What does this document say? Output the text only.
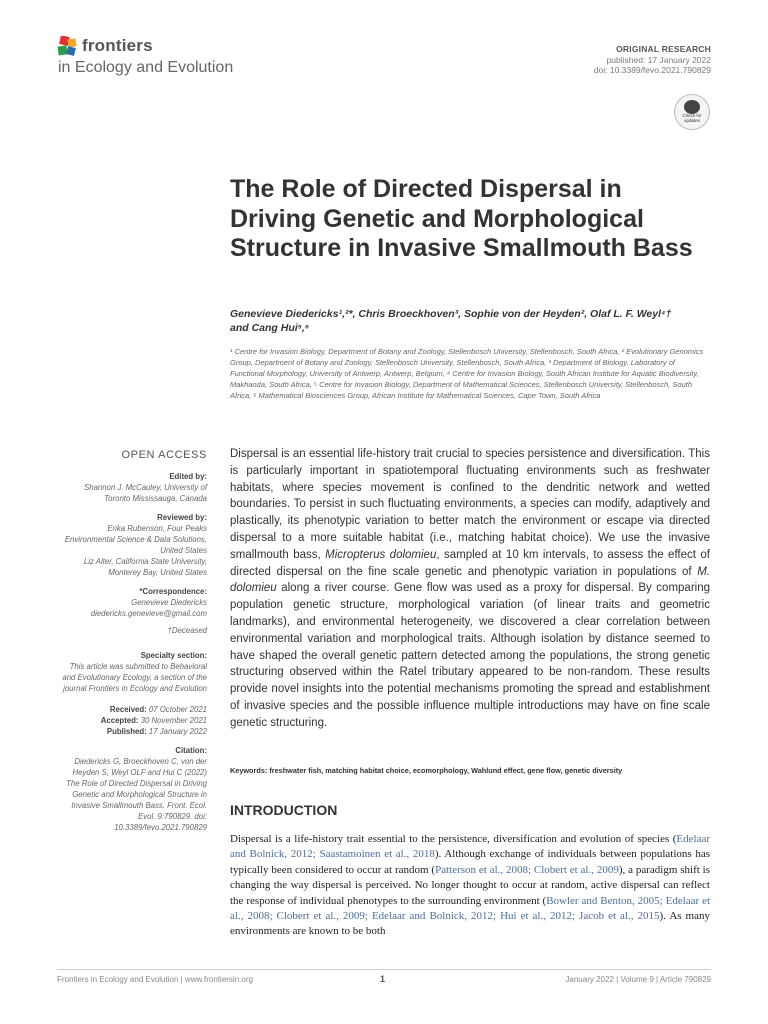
frontiers
in Ecology and Evolution
ORIGINAL RESEARCH
published: 17 January 2022
doi: 10.3389/fevo.2021.790829
Check for updates
The Role of Directed Dispersal in Driving Genetic and Morphological Structure in Invasive Smallmouth Bass
Genevieve Diedericks¹,²*, Chris Broeckhoven³, Sophie von der Heyden², Olaf L. F. Weyl⁴†
and Cang Hui⁵,⁶
¹ Centre for Invasion Biology, Department of Botany and Zoology, Stellenbosch University, Stellenbosch, South Africa, ² Evolutionary Genomics Group, Department of Botany and Zoology, Stellenbosch University, Stellenbosch, South Africa, ³ Department of Biology, Laboratory of Functional Morphology, University of Antwerp, Antwerp, Belgium, ⁴ Centre for Invasion Biology, South African Institute for Aquatic Biodiversity, Makhanda, South Africa, ⁵ Centre for Invasion Biology, Department of Mathematical Sciences, Stellenbosch University, Stellenbosch, South Africa, ⁶ Mathematical Biosciences Group, African Institute for Mathematical Sciences, Cape Town, South Africa
OPEN ACCESS
Edited by:
Shannon J. McCauley, University of Toronto Mississauga, Canada
Reviewed by:
Erika Rubenson, Four Peaks Environmental Science & Data Solutions, United States
Liz Alter, California State University, Monterey Bay, United States
*Correspondence:
Genevieve Diedericks
diedericks.genevieve@gmail.com
†Deceased
Specialty section:
This article was submitted to Behavioral and Evolutionary Ecology, a section of the journal Frontiers in Ecology and Evolution
Received: 07 October 2021
Accepted: 30 November 2021
Published: 17 January 2022
Citation:
Diedericks G, Broeckhoven C, von der Heyden S, Weyl OLF and Hui C (2022) The Role of Directed Dispersal in Driving Genetic and Morphological Structure in Invasive Smallmouth Bass. Front. Ecol. Evol. 9:790829. doi: 10.3389/fevo.2021.790829

Dispersal is an essential life-history trait crucial to species persistence and diversification. This is particularly important in spatiotemporal fluctuating environments such as freshwater habitats, where species movement is confined to the dendritic network and wetted boundaries. To persist in such fluctuating environments, a species can modify, adaptively and plastically, its phenotypic variation to better match the environment or escape via directed dispersal to a more suitable habitat (i.e., matching habitat choice). We use the invasive smallmouth bass, Micropterus dolomieu, sampled at 10 km intervals, to assess the effect of directed dispersal on the fine scale genetic and phenotypic variation in populations of M. dolomieu along a river course. Gene flow was used as a proxy for dispersal. By comparing population genetic structure, morphological variation (of linear traits and geometric landmarks), and environmental heterogeneity, we discovered a clear correlation between environmental variation and morphological traits. Although isolation by distance seemed to have shaped the overall genetic pattern detected among the populations, the strong genetic structuring observed within the Ratel tributary appeared to be non-random. These results provide novel insights into the potential mechanisms promoting the spread and establishment of invasive species and the possible influence multiple introductions may have on fine scale genetic structuring.

Keywords: freshwater fish, matching habitat choice, ecomorphology, Wahlund effect, gene flow, genetic diversity
INTRODUCTION

Dispersal is a life-history trait essential to the persistence, diversification and evolution of species (Edelaar and Bolnick, 2012; Saastamoinen et al., 2018). Although exchange of individuals between populations has typically been considered to occur at random (Patterson et al., 2008; Clobert et al., 2009), a paradigm shift is changing the way dispersal is perceived. No longer thought to occur at random, active dispersal can reflect the response of individual phenotypes to the surrounding environment (Bowler and Benton, 2005; Edelaar et al., 2008; Clobert et al., 2009; Edelaar and Bolnick, 2012; Hui et al., 2012; Jacob et al., 2015). As many environments are known to be both

Frontiers in Ecology and Evolution | www.frontiersin.org	1	January 2022 | Volume 9 | Article 790829
